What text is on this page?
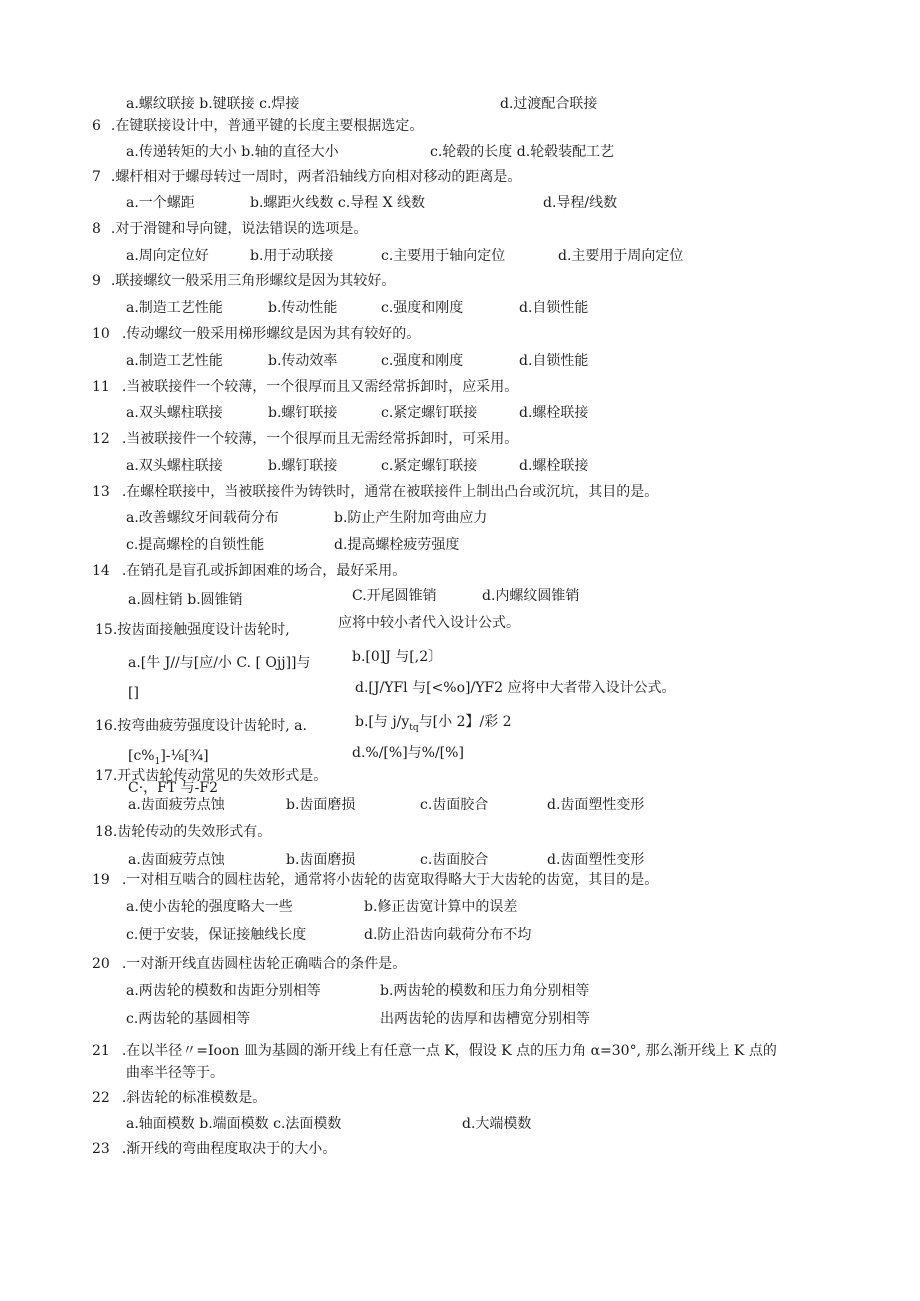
a.螺纹联接 b.键联接 c.焊接	d.过渡配合联接
6 .在键联接设计中，普通平键的长度主要根据选定。
a.传递转矩的大小 b.轴的直径大小	c.轮毂的长度 d.轮毂装配工艺
7 .螺杆相对于螺母转过一周时，两者沿轴线方向相对移动的距离是。
a.一个螺距	b.螺距火线数 c.导程 X 线数	d.导程/线数
8 .对于滑键和导向键，说法错误的选项是。
a.周向定位好	b.用于动联接	c.主要用于轴向定位	d.主要用于周向定位
9 .联接螺纹一般采用三角形螺纹是因为其较好。
a.制造工艺性能	b.传动性能	c.强度和刚度	d.自锁性能
10 .传动螺纹一般采用梯形螺纹是因为其有较好的。
a.制造工艺性能	b.传动效率	c.强度和刚度	d.自锁性能
11 .当被联接件一个较薄，一个很厚而且又需经常拆卸时，应采用。
a.双头螺柱联接	b.螺钉联接	c.紧定螺钉联接	d.螺栓联接
12 .当被联接件一个较薄，一个很厚而且无需经常拆卸时，可采用。
a.双头螺柱联接	b.螺钉联接	c.紧定螺钉联接	d.螺栓联接
13 .在螺栓联接中，当被联接件为铸铁时，通常在被联接件上制出凸台或沉坑，其目的是。
a.改善螺纹牙间载荷分布	b.防止产生附加弯曲应力
c.提高螺栓的自锁性能	d.提高螺栓疲劳强度
14 .在销孔是盲孔或拆卸困难的场合，最好采用。
a.圆柱销 b.圆锥销	C.开尾圆锥销	d.内螺纹圆锥销
15.按齿面接触强度设计齿轮时,	应将中较小者代入设计公式。
a.[牛 J//与[应/小 C. [ Ojj]]与	b.[0]J 与[,2〕
[]	d.[J/YFl 与[<%o]/YF2 应将中大者带入设计公式。
16.按弯曲疲劳强度设计齿轮时, a.	b.[与 $j/y_{tq}$与[小 2】/彩 2
$[c\%_1]-\frac{1}{8}[\frac{3}{4}]$	d.%/[%]与%/[%]
17.开式齿轮传动常见的失效形式是。
C·，FT 与-F2
a.齿面疲劳点蚀	b.齿面磨损	c.齿面胶合	d.齿面塑性变形
18.齿轮传动的失效形式有。
a.齿面疲劳点蚀	b.齿面磨损	c.齿面胶合	d.齿面塑性变形
19 .一对相互啮合的圆柱齿轮，通常将小齿轮的齿宽取得略大于大齿轮的齿宽，其目的是。
a.使小齿轮的强度略大一些	b.修正齿宽计算中的误差
c.便于安装，保证接触线长度	d.防止沿齿向载荷分布不均
20 .一对渐开线直齿圆柱齿轮正确啮合的条件是。
a.两齿轮的模数和齿距分别相等	b.两齿轮的模数和压力角分别相等
c.两齿轮的基圆相等	出两齿轮的齿厚和齿槽宽分别相等
21 .在以半径〃=Ioon 皿为基圆的渐开线上有任意一点 K，假设 K 点的压力角 α=30°, 那么渐开线上 K 点的
曲率半径等于。
22 .斜齿轮的标准模数是。
a.轴面模数 b.端面模数 c.法面模数	d.大端模数
23 .渐开线的弯曲程度取决于的大小。
